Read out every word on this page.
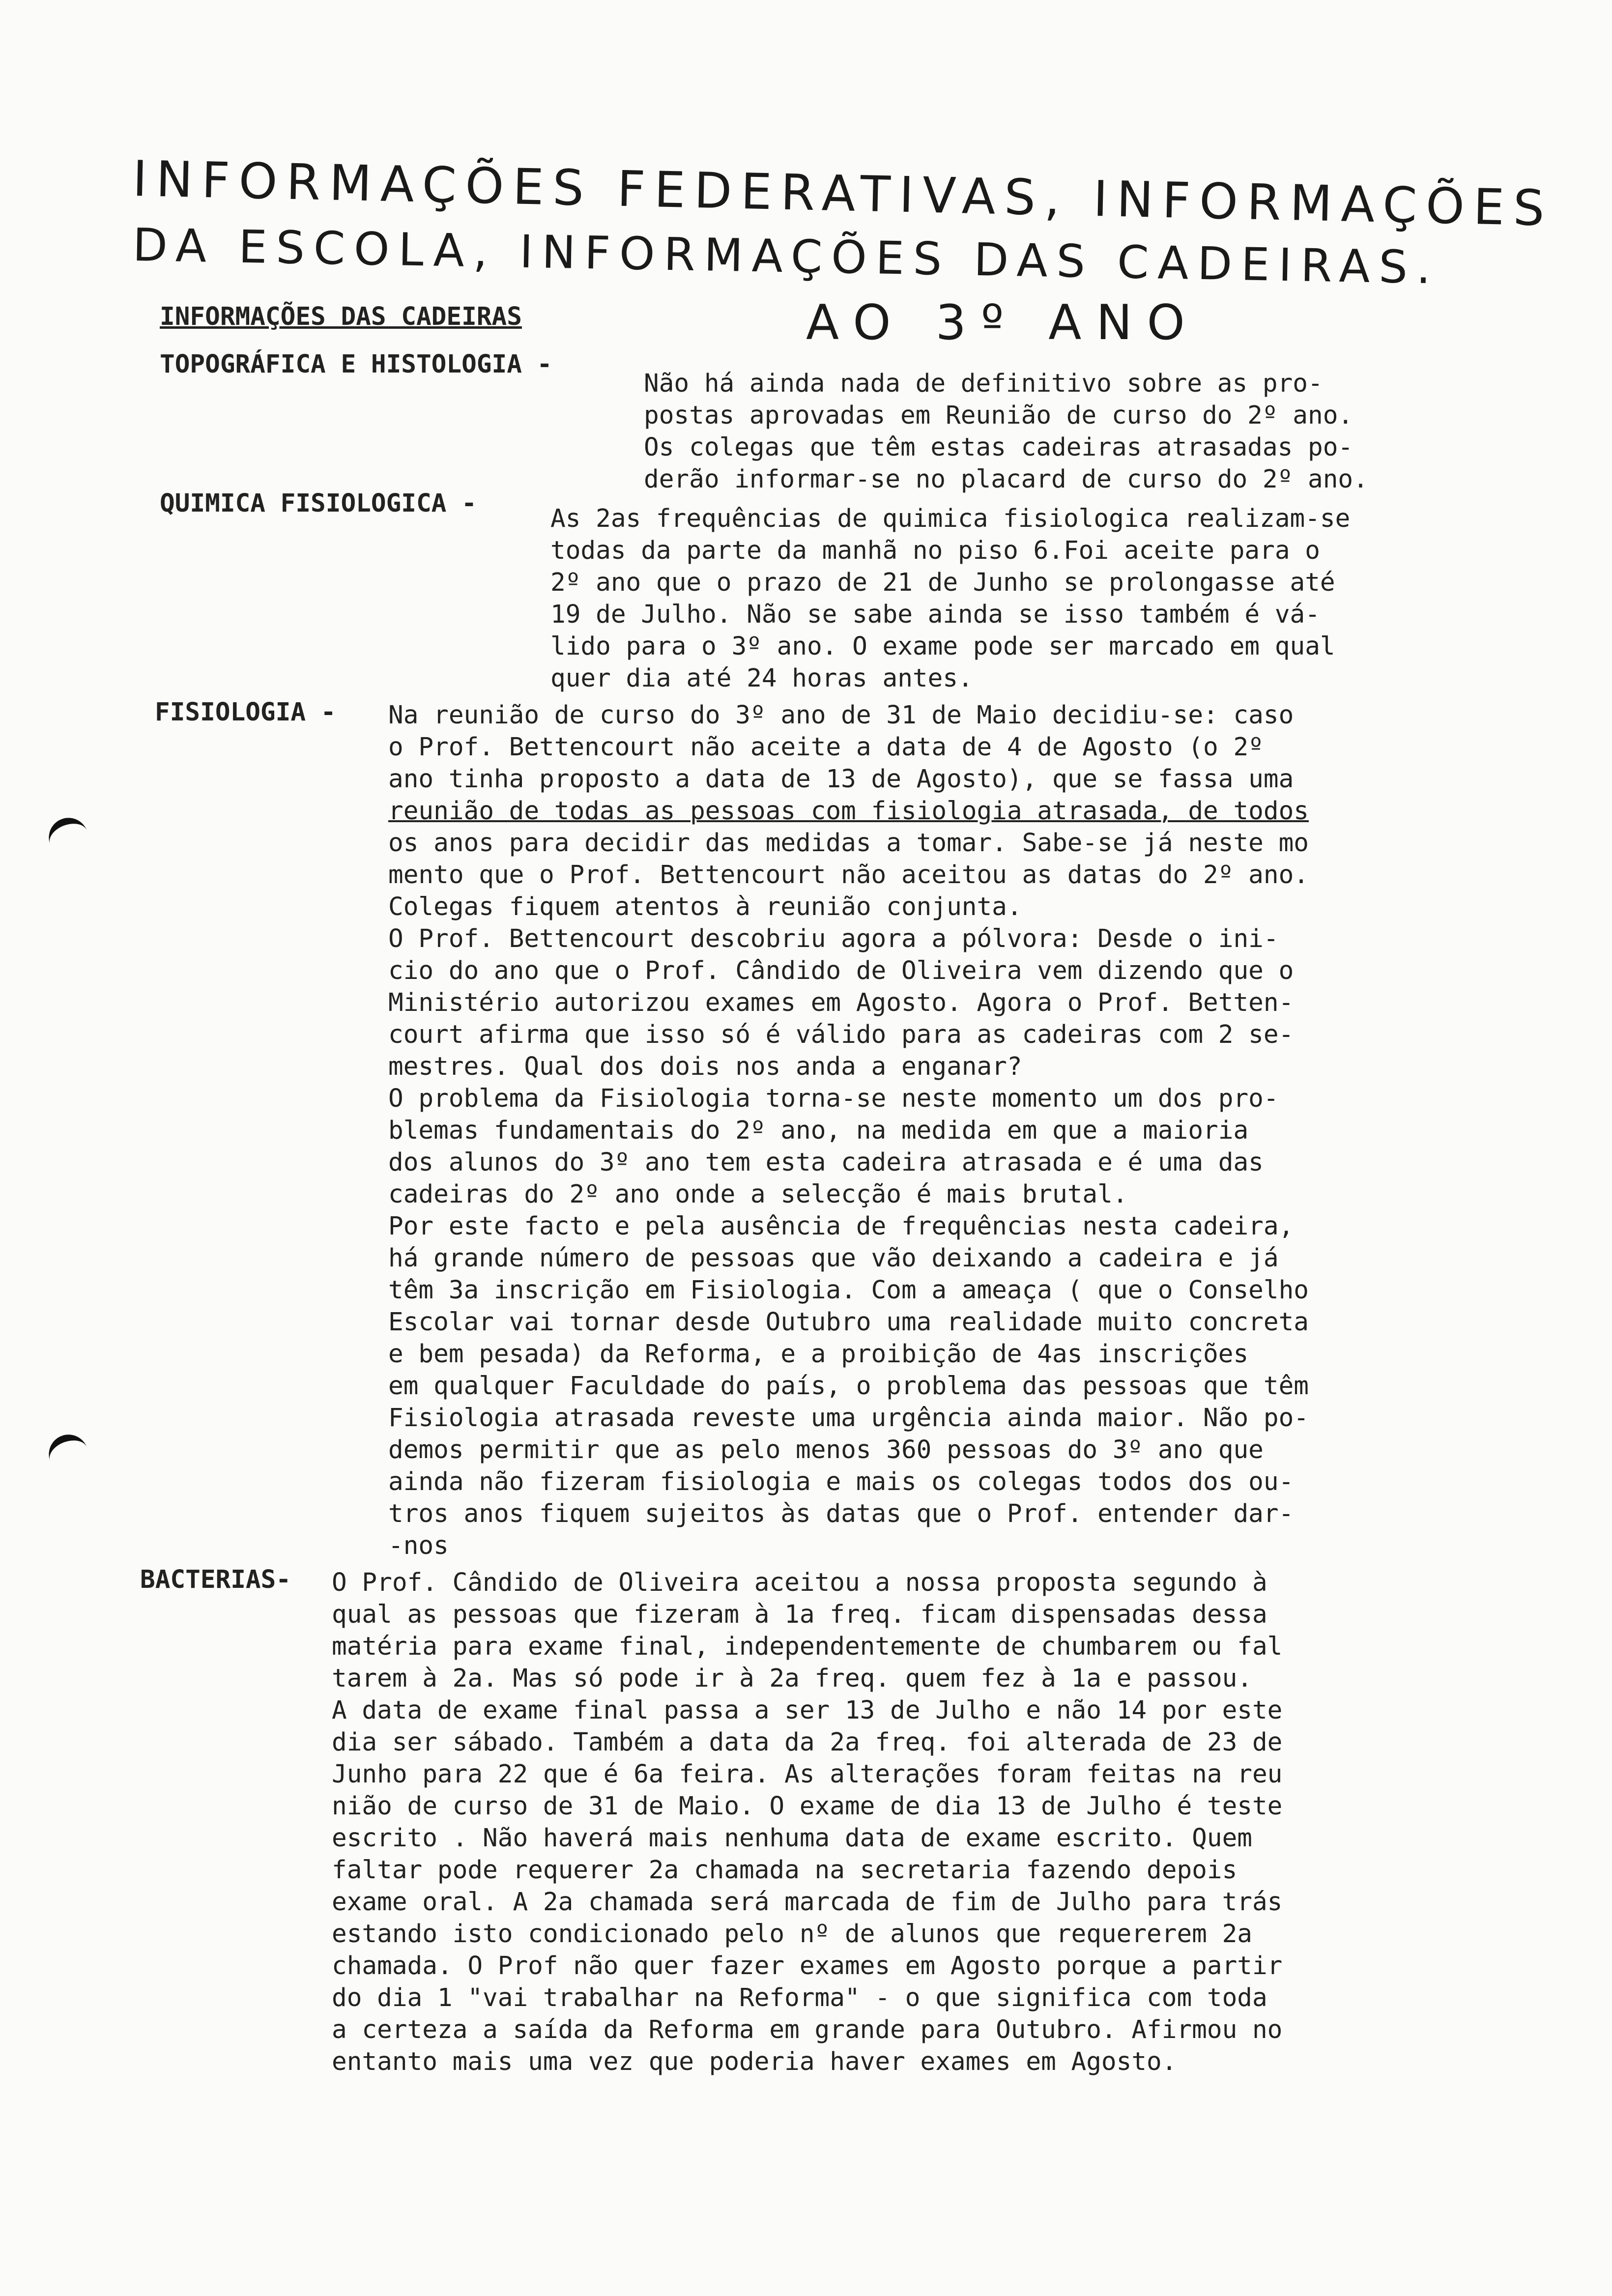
INFORMAÇÕES FEDERATIVAS, INFORMAÇÕES
DA ESCOLA, INFORMAÇÕES DAS CADEIRAS.
AO 3º ANO
INFORMAÇÕES DAS CADEIRAS
TOPOGRÁFICA E HISTOLOGIA -
Não há ainda nada de definitivo sobre as pro-
postas aprovadas em Reunião de curso do 2º ano.
Os colegas que têm estas cadeiras atrasadas po-
derão informar-se no placard de curso do 2º ano.
QUIMICA FISIOLOGICA -
As 2as frequências de quimica fisiologica realizam-se
todas da parte da manhã no piso 6.Foi aceite para o
2º ano que o prazo de 21 de Junho se prolongasse até
19 de Julho. Não se sabe ainda se isso também é vá-
lido para o 3º ano. O exame pode ser marcado em qual
quer dia até 24 horas antes.
FISIOLOGIA - Na reunião de curso do 3º ano de 31 de Maio decidiu-se: caso
o Prof. Bettencourt não aceite a data de 4 de Agosto (o 2º
ano tinha proposto a data de 13 de Agosto), que se fassa uma
reunião de todas as pessoas com fisiologia atrasada, de todos
os anos para decidir das medidas a tomar. Sabe-se já neste mo
mento que o Prof. Bettencourt não aceitou as datas do 2º ano.
Colegas fiquem atentos à reunião conjunta.
O Prof. Bettencourt descobriu agora a pólvora: Desde o ini-
cio do ano que o Prof. Cândido de Oliveira vem dizendo que o
Ministério autorizou exames em Agosto. Agora o Prof. Betten-
court afirma que isso só é válido para as cadeiras com 2 se-
mestres. Qual dos dois nos anda a enganar?
O problema da Fisiologia torna-se neste momento um dos pro-
blemas fundamentais do 2º ano, na medida em que a maioria
dos alunos do 3º ano tem esta cadeira atrasada e é uma das
cadeiras do 2º ano onde a selecção é mais brutal.
Por este facto e pela ausência de frequências nesta cadeira,
há grande número de pessoas que vão deixando a cadeira e já
têm 3a inscrição em Fisiologia. Com a ameaça ( que o Conselho
Escolar vai tornar desde Outubro uma realidade muito concreta
e bem pesada) da Reforma, e a proibição de 4as inscrições
em qualquer Faculdade do país, o problema das pessoas que têm
Fisiologia atrasada reveste uma urgência ainda maior. Não po-
demos permitir que as pelo menos 360 pessoas do 3º ano que
ainda não fizeram fisiologia e mais os colegas todos dos ou-
tros anos fiquem sujeitos às datas que o Prof. entender dar-
-nos
BACTERIAS- O Prof. Cândido de Oliveira aceitou a nossa proposta segundo à
qual as pessoas que fizeram à 1a freq. ficam dispensadas dessa
matéria para exame final, independentemente de chumbarem ou fal
tarem à 2a. Mas só pode ir à 2a freq. quem fez à 1a e passou.
A data de exame final passa a ser 13 de Julho e não 14 por este
dia ser sábado. Também a data da 2a freq. foi alterada de 23 de
Junho para 22 que é 6a feira. As alterações foram feitas na reu
nião de curso de 31 de Maio. O exame de dia 13 de Julho é teste
escrito . Não haverá mais nenhuma data de exame escrito. Quem
faltar pode requerer 2a chamada na secretaria fazendo depois
exame oral. A 2a chamada será marcada de fim de Julho para trás
estando isto condicionado pelo nº de alunos que requererem 2a
chamada. O Prof não quer fazer exames em Agosto porque a partir
do dia 1 "vai trabalhar na Reforma" - o que significa com toda
a certeza a saída da Reforma em grande para Outubro. Afirmou no
entanto mais uma vez que poderia haver exames em Agosto.
